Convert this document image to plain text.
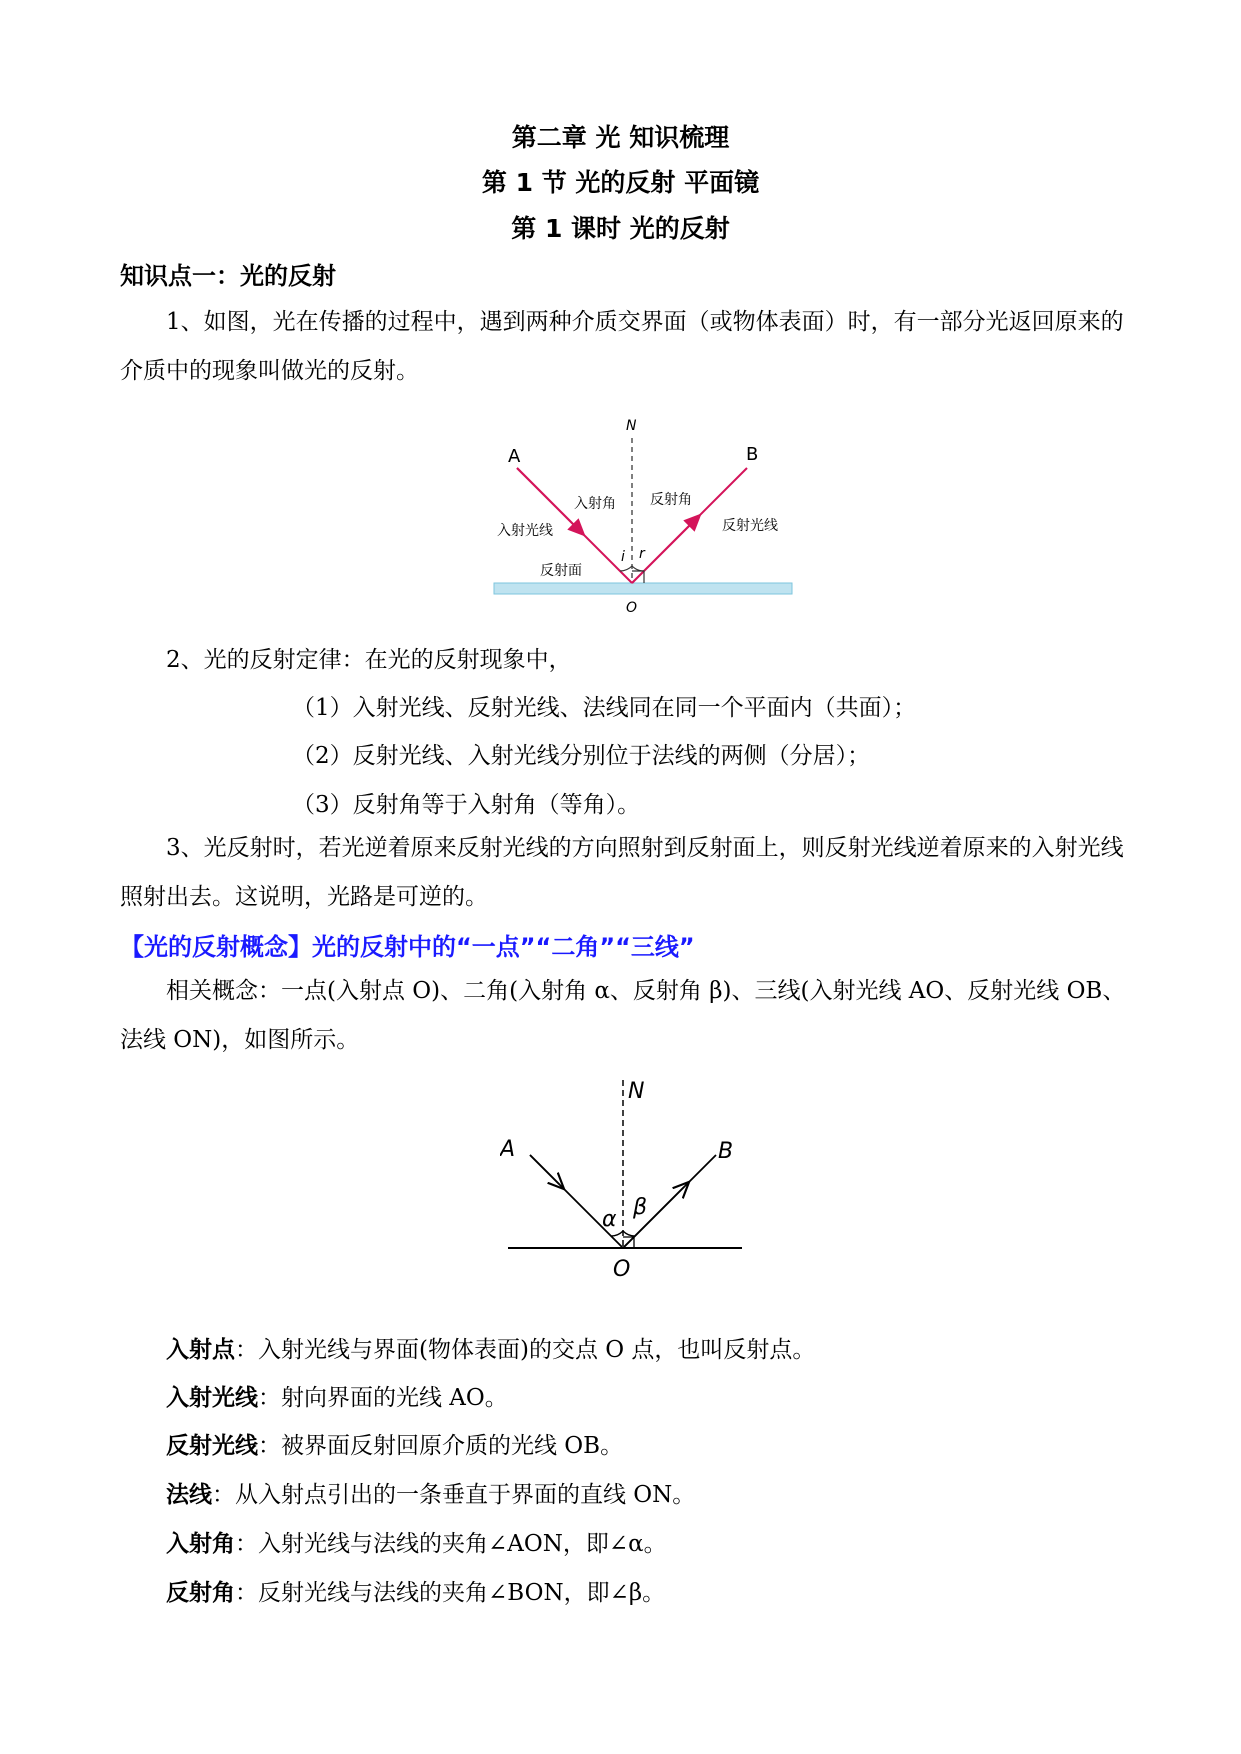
第二章 光 知识梳理
第 1 节 光的反射 平面镜
第 1 课时 光的反射
知识点一：光的反射

1、如图，光在传播的过程中，遇到两种介质交界面（或物体表面）时，有一部分光返回原来的介质中的现象叫做光的反射。

N
A	B
O
i r
入射角 反射角
入射光线	反射光线
反射面
2、光的反射定律：在光的反射现象中，
（1）入射光线、反射光线、法线同在同一个平面内（共面）；
（2）反射光线、入射光线分别位于法线的两侧（分居）；
（3）反射角等于入射角（等角）。

3、光反射时，若光逆着原来反射光线的方向照射到反射面上，则反射光线逆着原来的入射光线照射出去。这说明，光路是可逆的。

【光的反射概念】光的反射中的“一点”“二角”“三线”

相关概念：一点(入射点 O)、二角(入射角 α、反射角 β)、三线(入射光线 AO、反射光线 OB、法线 ON)，如图所示。

N
A	B
O
α β
入射点：入射光线与界面(物体表面)的交点 O 点，也叫反射点。
入射光线：射向界面的光线 AO。
反射光线：被界面反射回原介质的光线 OB。
法线：从入射点引出的一条垂直于界面的直线 ON。
入射角：入射光线与法线的夹角∠AON，即∠α。
反射角：反射光线与法线的夹角∠BON，即∠β。
